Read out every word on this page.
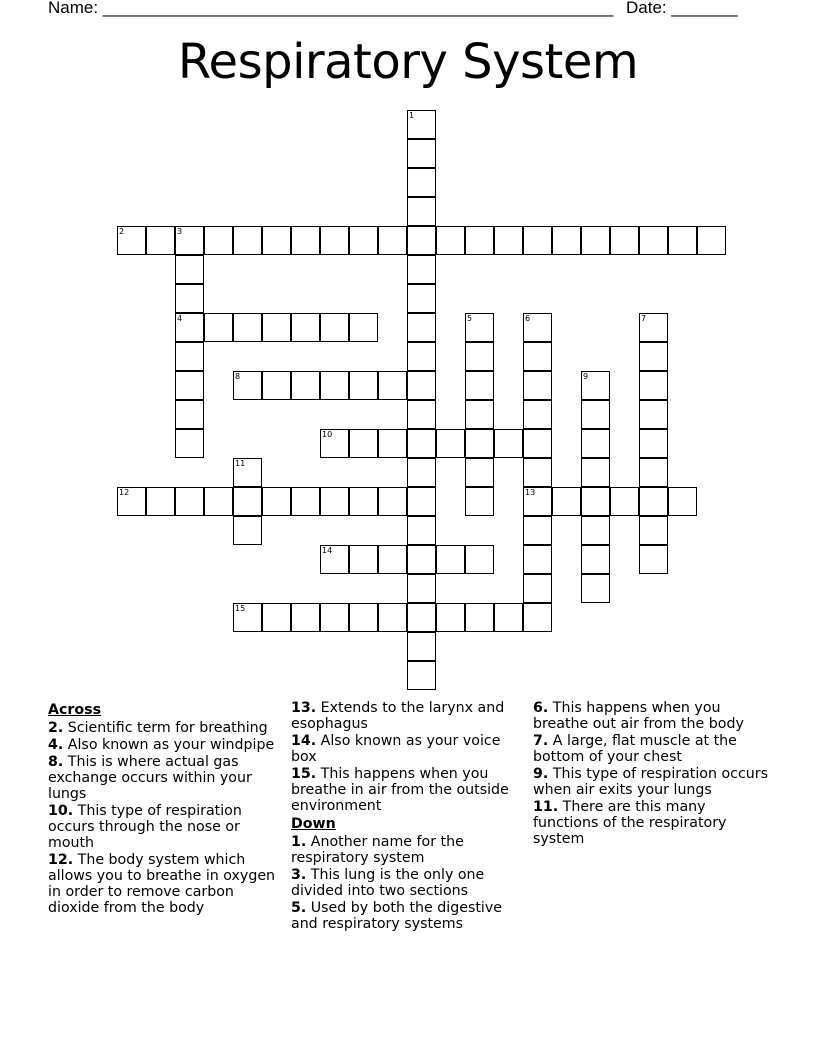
Name: ______________________________________________________ Date: _______
Respiratory System
1
2	3
4	5	6
13
7
8	9
10
11
12
14
15
Across
2. Scientific term for breathing
4. Also known as your windpipe
8. This is where actual gas exchange occurs within your lungs
10. This type of respiration occurs through the nose or mouth
12. The body system which allows you to breathe in oxygen in order to remove carbon dioxide from the body
13. Extends to the larynx and esophagus
14. Also known as your voice box
15. This happens when you breathe in air from the outside environment
Down
1. Another name for the respiratory system
3. This lung is the only one divided into two sections
5. Used by both the digestive and respiratory systems
6. This happens when you breathe out air from the body
7. A large, flat muscle at the bottom of your chest
9. This type of respiration occurs when air exits your lungs
11. There are this many functions of the respiratory system
